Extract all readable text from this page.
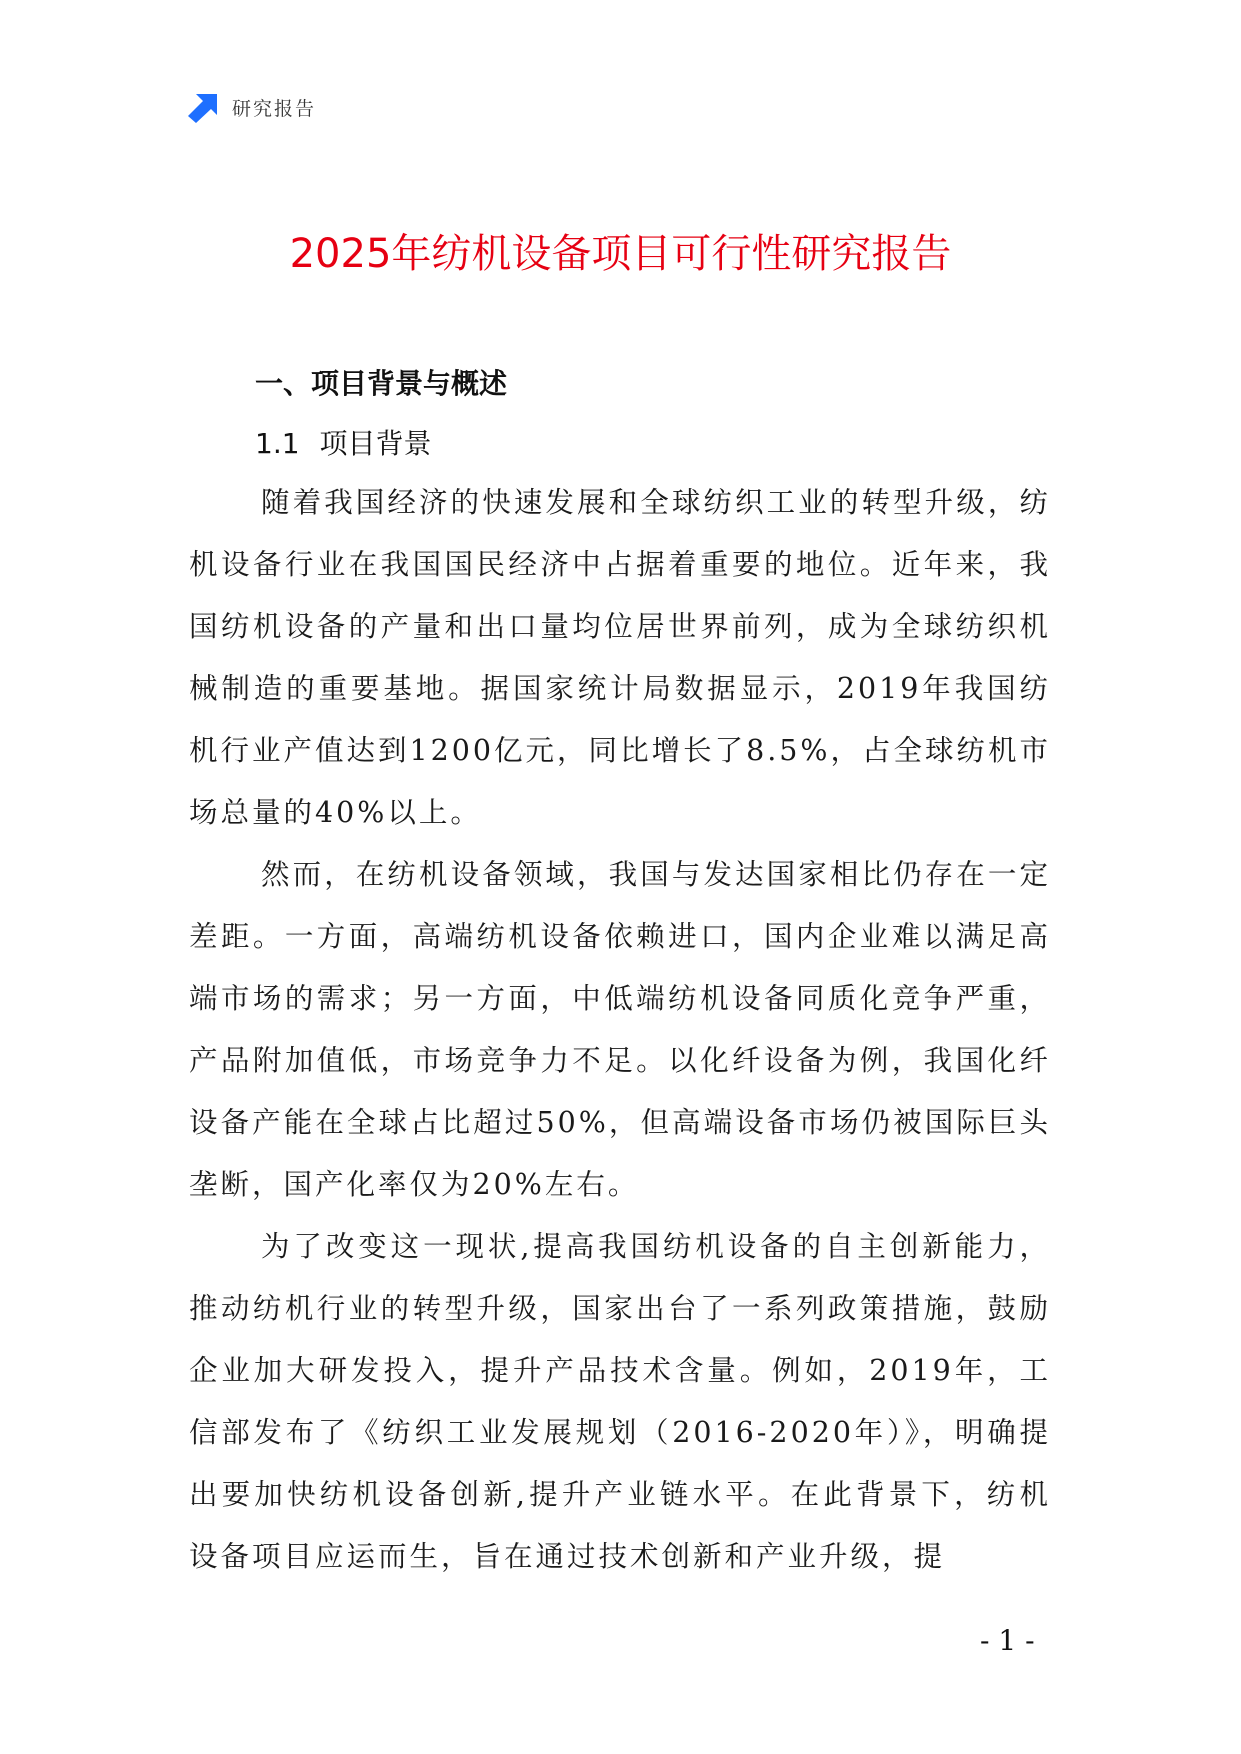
研究报告
2025年纺机设备项目可行性研究报告
一、项目背景与概述
1.1 项目背景

随着我国经济的快速发展和全球纺织工业的转型升级，纺机设备行业在我国国民经济中占据着重要的地位。近年来，我国纺机设备的产量和出口量均位居世界前列，成为全球纺织机械制造的重要基地。据国家统计局数据显示，2019年我国纺机行业产值达到1200亿元，同比增长了8.5%，占全球纺机市场总量的40%以上。

然而，在纺机设备领域，我国与发达国家相比仍存在一定差距。一方面，高端纺机设备依赖进口，国内企业难以满足高端市场的需求；另一方面，中低端纺机设备同质化竞争严重，产品附加值低，市场竞争力不足。以化纤设备为例，我国化纤设备产能在全球占比超过50%，但高端设备市场仍被国际巨头垄断，国产化率仅为20%左右。

为了改变这一现状,提高我国纺机设备的自主创新能力，推动纺机行业的转型升级，国家出台了一系列政策措施，鼓励企业加大研发投入，提升产品技术含量。例如，2019年，工信部发布了《纺织工业发展规划（2016-2020年）》，明确提出要加快纺机设备创新,提升产业链水平。在此背景下，纺机设备项目应运而生，旨在通过技术创新和产业升级，提

- 1 -
